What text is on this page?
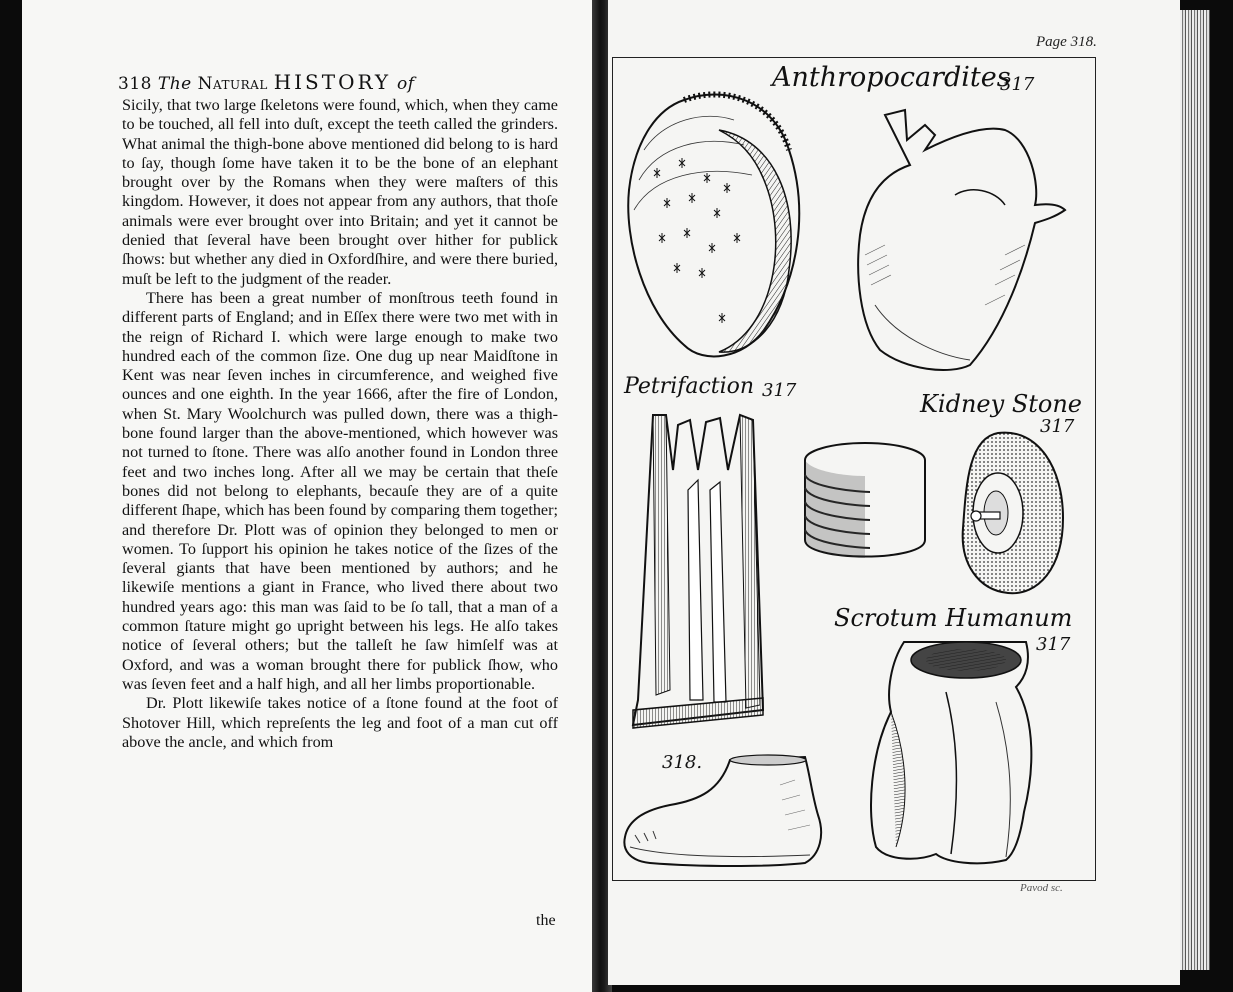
318 The Natural HISTORY of

Sicily, that two large ſkeletons were found, which, when they came to be touched, all fell into duſt, except the teeth called the grinders. What animal the thigh-bone above mentioned did belong to is hard to ſay, though ſome have taken it to be the bone of an elephant brought over by the Romans when they were maſters of this kingdom. However, it does not appear from any authors, that thoſe animals were ever brought over into Britain; and yet it cannot be denied that ſeveral have been brought over hither for publick ſhows: but whether any died in Oxfordſhire, and were there buried, muſt be left to the judgment of the reader.

There has been a great number of monſtrous teeth found in different parts of England; and in Eſſex there were two met with in the reign of Richard I. which were large enough to make two hundred each of the common ſize. One dug up near Maidſtone in Kent was near ſeven inches in circumference, and weighed five ounces and one eighth. In the year 1666, after the fire of London, when St. Mary Woolchurch was pulled down, there was a thigh-bone found larger than the above-mentioned, which however was not turned to ſtone. There was alſo another found in London three feet and two inches long. After all we may be certain that theſe bones did not belong to elephants, becauſe they are of a quite different ſhape, which has been found by comparing them together; and therefore Dr. Plott was of opinion they belonged to men or women. To ſupport his opinion he takes notice of the ſizes of the ſeveral giants that have been mentioned by authors; and he likewiſe mentions a giant in France, who lived there about two hundred years ago: this man was ſaid to be ſo tall, that a man of a common ſtature might go upright between his legs. He alſo takes notice of ſeveral others; but the talleſt he ſaw himſelf was at Oxford, and was a woman brought there for publick ſhow, who was ſeven feet and a half high, and all her limbs proportionable.

Dr. Plott likewiſe takes notice of a ſtone found at the foot of Shotover Hill, which repreſents the leg and foot of a man cut off above the ancle, and which from

the
Page 318.
Anthropocardites
317
Petrifaction 317	Kidney Stone
317
Scrotum Humanum
317
318.
Pavod sc.
